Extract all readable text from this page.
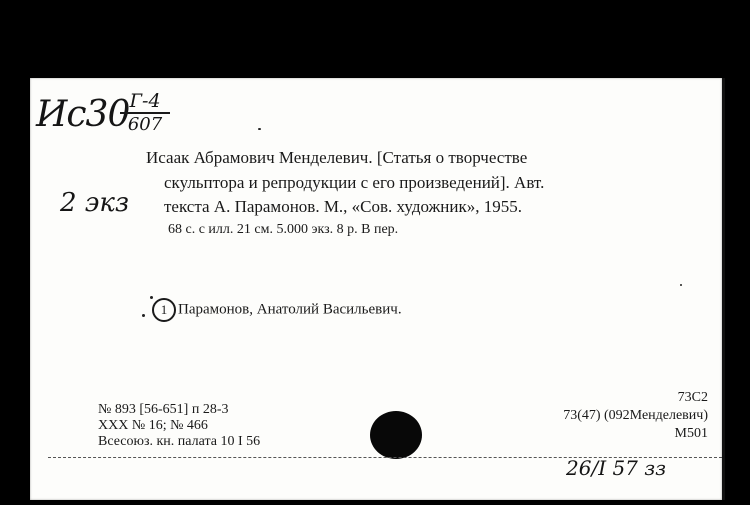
Ис30 Г-4
607
2 экз
Исаак Абрамович Менделевич. [Статья о творчестве
скульптора и репродукции с его произведений]. Авт.
текста А. Парамонов. М., «Сов. художник», 1955.
68 с. с илл. 21 см. 5.000 экз. 8 р. В пер.
1 Парамонов, Анатолий Васильевич.
№ 893 [56-651] п 28-3
XXX № 16; № 466
Всесоюз. кн. палата 10 I 56
73С2
73(47) (092Менделевич)
М501
26/I 57 зз
